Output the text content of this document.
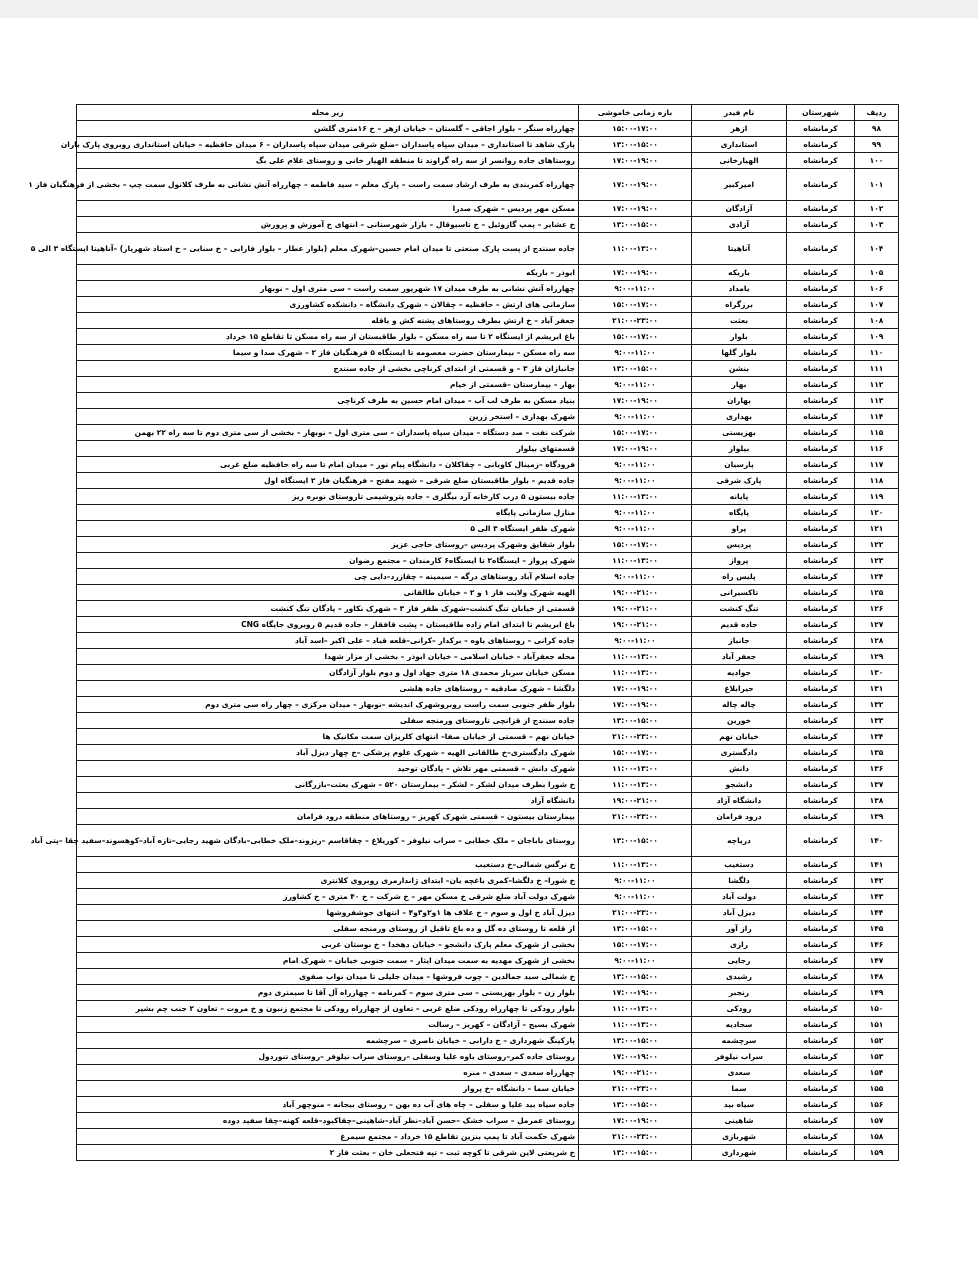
ردیف	شهرستان	نام فیدر	بازه زمانی خاموشی	زیر محله
۹۸	کرمانشاه	ازهر	۱۵:۰۰-۱۷:۰۰	چهارراه سنگر – بلوار اجاقی – گلستان – خیابان ازهر – خ ۱۶متری گلشن
۹۹	کرمانشاه	استانداری	۱۳:۰۰-۱۵:۰۰	پارک شاهد تا استانداری – میدان سپاه پاسداران –ضلع شرقی میدان سپاه پاسداران – ۶ میدان حافظیه – خیابان استانداری روبروی پارک باران
۱۰۰	کرمانشاه	الهیارخانی	۱۷:۰۰-۱۹:۰۰	روستاهای جاده روانسر از سه راه گراوند تا منطقه الهیار خانی و روستای غلام علی بگ
۱۰۱	کرمانشاه	امیرکبیر	۱۷:۰۰-۱۹:۰۰	چهارراه کمربندی به طرف ارشاد سمت راست – پارک معلم – سید فاطمه – چهارراه آتش نشانی به طرف کلانول سمت چپ – بخشی از فرهنگیان فاز ۱
۱۰۲	کرمانشاه	آزادگان	۱۷:۰۰-۱۹:۰۰	مسکن مهر پردیس – شهرک صدرا
۱۰۳	کرمانشاه	آزادی	۱۳:۰۰-۱۵:۰۰	خ عشایر – پمپ گازوئیل – خ تاسیوقال – بازار شهرستانی – انتهای خ آموزش و پرورش
۱۰۴	کرمانشاه	آناهیتا	۱۱:۰۰-۱۳:۰۰	جاده سنندج از پست پارک صنعتی تا میدان امام حسین–شهرک معلم (بلوار عطار – بلوار فارابی – خ سنایی – خ استاد شهریار) –آناهیتا ایستگاه ۳ الی ۵
۱۰۵	کرمانشاه	باریکه	۱۷:۰۰-۱۹:۰۰	ابوذر – باریکه
۱۰۶	کرمانشاه	بامداد	۹:۰۰-۱۱:۰۰	چهارراه آتش نشانی به طرف میدان ۱۷ شهریور سمت راست – سی متری اول – نوبهار
۱۰۷	کرمانشاه	برزگراه	۱۵:۰۰-۱۷:۰۰	سازمانی های ارتش – حافظیه – چقالان – شهرک دانشگاه – دانشکده کشاورزی
۱۰۸	کرمانشاه	بعثت	۲۱:۰۰-۲۳:۰۰	جعفر آباد – خ ارتش بطرف روستاهای پشته کش و باقله
۱۰۹	کرمانشاه	بلوار	۱۵:۰۰-۱۷:۰۰	باغ ابریشم از ایستگاه ۲ تا سه راه مسکن – بلوار طاقبستان از سه راه مسکن تا تقاطع ۱۵ خرداد
۱۱۰	کرمانشاه	بلوار گلها	۹:۰۰-۱۱:۰۰	سه راه مسکن – بیمارستان حضرت معصومه تا ایستگاه ۵ فرهنگیان فاز ۲ – شهرک صدا و سیما
۱۱۱	کرمانشاه	بنشن	۱۳:۰۰-۱۵:۰۰	جانبازان فاز ۳ – و قسمتی از ابتدای کرناچی بخشی از جاده سنندج
۱۱۲	کرمانشاه	بهار	۹:۰۰-۱۱:۰۰	بهار – بیمارستان –قسمتی از خیام
۱۱۳	کرمانشاه	بهاران	۱۷:۰۰-۱۹:۰۰	بنیاد مسکن به طرف لب آب – میدان امام حسین به طرف کرناچی
۱۱۴	کرمانشاه	بهداری	۹:۰۰-۱۱:۰۰	شهرک بهداری – استخر زرین
۱۱۵	کرمانشاه	بهزیستی	۱۵:۰۰-۱۷:۰۰	شرکت نفت – صد دستگاه – میدان سپاه پاسداران – سی متری اول – نوبهار – بخشی از سی متری دوم تا سه راه ۲۲ بهمن
۱۱۶	کرمانشاه	بیلوار	۱۷:۰۰-۱۹:۰۰	قسمتهای بیلوار
۱۱۷	کرمانشاه	پارسیان	۹:۰۰-۱۱:۰۰	فرودگاه –زمینال کاویانی – چقاکلان – دانشگاه پیام نور – میدان امام تا سه راه حافظیه ضلع غربی
۱۱۸	کرمانشاه	پارک شرقی	۹:۰۰-۱۱:۰۰	جاده قدیم – بلوار طاقبستان ضلع شرقی – شهید مفتح – فرهنگیان فاز ۲ ایستگاه اول
۱۱۹	کرمانشاه	پایانه	۱۱:۰۰-۱۳:۰۰	جاده بیستون ۵ درب کارخانه آرد بیگلری – جاده پتروشیمی تاروستای نوبره ریز
۱۲۰	کرمانشاه	پایگاه	۹:۰۰-۱۱:۰۰	منازل سازمانی پایگاه
۱۲۱	کرمانشاه	پراو	۹:۰۰-۱۱:۰۰	شهرک ظفر ایستگاه ۳ الی ۵
۱۲۲	کرمانشاه	پردیس	۱۵:۰۰-۱۷:۰۰	بلوار شقایق وشهرک پردیس –روستای حاجی عزیز
۱۲۳	کرمانشاه	پرواز	۱۱:۰۰-۱۳:۰۰	شهرک پرواز – ایستگاه۲ تا ایستگاه۶ کارمندان – مجتمع رضوان
۱۲۴	کرمانشاه	پلیس راه	۹:۰۰-۱۱:۰۰	جاده اسلام آباد روستاهای درگه – سیمینه – چقازرد–دایی چی
۱۲۵	کرمانشاه	تاکسیرانی	۱۹:۰۰-۲۱:۰۰	الهیه شهرک ولایت فاز ۱ و ۲ – خیابان طالقانی
۱۲۶	کرمانشاه	تنگ کنشت	۱۹:۰۰-۲۱:۰۰	قسمتی از خیابان تنگ کنشت–شهرک ظفر فاز ۳ – شهرک نکاور – پادگان تنگ کنشت
۱۲۷	کرمانشاه	جاده قدیم	۱۹:۰۰-۲۱:۰۰	باغ ابریشم تا ابتدای امام زاده طاقبستان – پشت قافقار – جاده قدیم ۵ روبروی جایگاه CNG
۱۲۸	کرمانشاه	جانباز	۹:۰۰-۱۱:۰۰	جاده کرانی – روستاهای باوه – برکدار –کرانی–قلعه قباد – علی اکبر –اسد آباد
۱۲۹	کرمانشاه	جعفر آباد	۱۱:۰۰-۱۳:۰۰	محله جعفرآباد – خیابان اسلامی – خیابان ابوذر – بخشی از مزار شهدا
۱۳۰	کرمانشاه	جوادیه	۱۱:۰۰-۱۳:۰۰	مسکن خیابان سرباز محمدی ۱۸ متری جهاد اول و دوم بلوار آزادگان
۱۳۱	کرمانشاه	جیرابلاغ	۱۷:۰۰-۱۹:۰۰	دلگشا – شهرک صادقیه – روستاهای جاده هلشی
۱۳۲	کرمانشاه	چاله چاله	۱۷:۰۰-۱۹:۰۰	بلوار ظفر جنوبی سمت راست روبروشهرک اندیشه –نوبهار – میدان مرکزی – چهار راه سی متری دوم
۱۳۳	کرمانشاه	خورین	۱۳:۰۰-۱۵:۰۰	جاده سنندج از قزانچی تاروستای ورمنجه سفلی
۱۳۴	کرمانشاه	خیابان نهم	۲۱:۰۰-۲۳:۰۰	خیابان نهم – قسمتی از خیابان صفا– انتهای کلریزان سمت مکانیک ها
۱۳۵	کرمانشاه	دادگستری	۱۵:۰۰-۱۷:۰۰	شهرک دادگستری–خ طالقانی الهیه – شهرک علوم پزشکی –خ چهار دیزل آباد
۱۳۶	کرمانشاه	دانش	۱۱:۰۰-۱۳:۰۰	شهرک دانش – قسمتی مهر تلاش – پادگان توحید
۱۳۷	کرمانشاه	دانشجو	۱۱:۰۰-۱۳:۰۰	خ شورا بطرف میدان لشکر – لشکر – بیمارستان ۵۲۰ – شهرک بعثت–بازرگانی
۱۳۸	کرمانشاه	دانشگاه آزاد	۱۹:۰۰-۲۱:۰۰	دانشگاه آزاد
۱۳۹	کرمانشاه	درود فرامان	۲۱:۰۰-۲۳:۰۰	بیمارستان بیستون – قسمتی شهرک کهریز – روستاهای منطقه درود فرامان
۱۴۰	کرمانشاه	دریاچه	۱۳:۰۰-۱۵:۰۰	روستای باباجان – ملک خطابی – سراب نیلوفر – کوریلاغ – چقاقاسم –ریزوند–ملک خطابی–بادگان شهید رجایی–تازه آباد–کوهسوند–سفید چقا –پتی آباد
۱۴۱	کرمانشاه	دستغیب	۱۱:۰۰-۱۳:۰۰	خ نرگس شمالی–خ دستغیب
۱۴۲	کرمانشاه	دلگشا	۹:۰۰-۱۱:۰۰	خ شورا– خ دلگشا–کمری باغچه بان– ابتدای ژاندارمری روبروی کلانتری
۱۴۳	کرمانشاه	دولت آباد	۹:۰۰-۱۱:۰۰	شهرک دولت آباد ضلع شرقی خ مسکن مهر – خ شرکت – خ ۴۰ متری – خ کشاورز
۱۴۴	کرمانشاه	دیزل آباد	۲۱:۰۰-۲۳:۰۰	دیزل آباد خ اول و سوم – خ علاف ها ۱و۲و۳و۴ – انتهای جوشفروشها
۱۴۵	کرمانشاه	راز آور	۱۳:۰۰-۱۵:۰۰	از قلعه تا روستای ده گل و ده باغ تاقبل از روستای ورمنجه سفلی
۱۴۶	کرمانشاه	رازی	۱۵:۰۰-۱۷:۰۰	بخشی از شهرک معلم پارک دانشجو – خیابان دهخدا – خ بوستان غربی
۱۴۷	کرمانشاه	رجایی	۹:۰۰-۱۱:۰۰	بخشی از شهرک مهدیه به سمت میدان ایثار – سمت جنوبی خیابان – شهرک امام
۱۴۸	کرمانشاه	رشیدی	۱۳:۰۰-۱۵:۰۰	خ شمالی سید جمالدین – چوب فروشها – میدان جلیلی تا میدان نواب صفوی
۱۴۹	کرمانشاه	رنجبر	۱۷:۰۰-۱۹:۰۰	بلوار زن – بلوار بهزیستی – سی متری سوم – کمرنامه – چهارراه آل آقا تا سیمتری دوم
۱۵۰	کرمانشاه	رودکی	۱۱:۰۰-۱۳:۰۰	بلوار رودکی تا چهارراه رودکی ضلع غربی – تعاون از چهارراه رودکی تا مجتمع زنبون و خ مروت – تعاون ۲ جنب چم بشیر
۱۵۱	کرمانشاه	سجادیه	۱۱:۰۰-۱۳:۰۰	شهرک بسیج – آزادگان – کهریز – رسالت
۱۵۲	کرمانشاه	سرچشمه	۱۳:۰۰-۱۵:۰۰	پارکینگ شهرداری – خ دارابی – خیابان ناصری – سرچشمه
۱۵۳	کرمانشاه	سراب نیلوفر	۱۷:۰۰-۱۹:۰۰	روستای جاده کمر–روستای باوه علیا وسفلی –روستای سراب نیلوفر –روستای تنوردول
۱۵۴	کرمانشاه	سعدی	۱۹:۰۰-۲۱:۰۰	چهارراه سعدی – سعدی – منزه
۱۵۵	کرمانشاه	سما	۲۱:۰۰-۲۳:۰۰	خیابان سما – دانشگاه –خ پرواز
۱۵۶	کرمانشاه	سیاه بید	۱۳:۰۰-۱۵:۰۰	جاده سیاه بید علیا و سفلی – چاه های آب ده بهن – روستای بیجانه – منوچهر آباد
۱۵۷	کرمانشاه	شاهینی	۱۷:۰۰-۱۹:۰۰	روستای عمرمل – سراب خشک –حسن آباد–نظر آباد–شاهینی–چقاکبود–قلعه کهنه–چقا سفید دوده
۱۵۸	کرمانشاه	شهربازی	۲۱:۰۰-۲۳:۰۰	شهرک حکمت آباد تا پمپ بنزین تقاطع ۱۵ خرداد – مجتمع سیمرغ
۱۵۹	کرمانشاه	شهرداری	۱۳:۰۰-۱۵:۰۰	خ شریعتی لاین شرقی تا کوچه ثبت – تپه فتحعلی خان – بعثت فاز ۲
